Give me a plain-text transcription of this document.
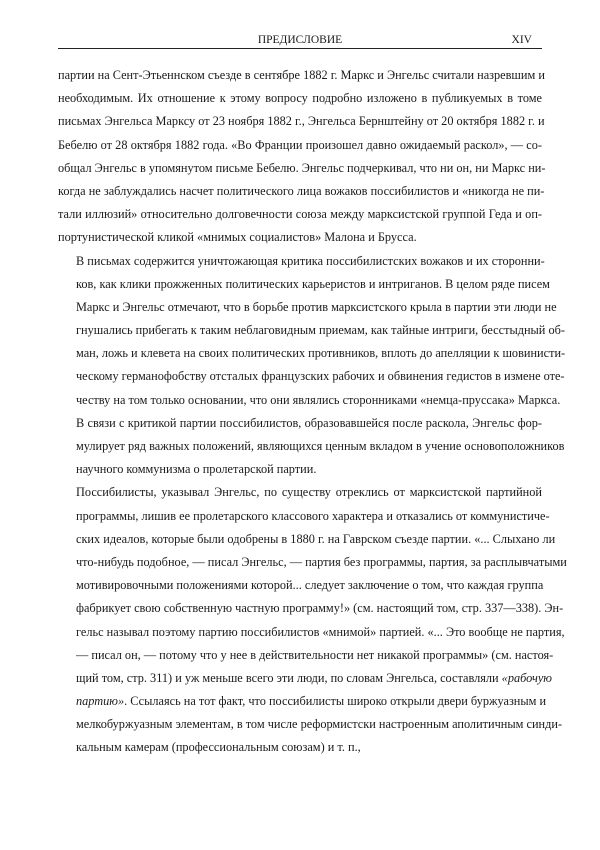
ПРЕДИСЛОВИЕ	XIV

партии на Сент-Этьеннском съезде в сентябре 1882 г. Маркс и Энгельс считали назревшим и
необходимым. Их отношение к этому вопросу подробно изложено в публикуемых в томе
письмах Энгельса Марксу от 23 ноября 1882 г., Энгельса Бернштейну от 20 октября 1882 г. и
Бебелю от 28 октября 1882 года. «Во Франции произошел давно ожидаемый раскол», — со-
общал Энгельс в упомянутом письме Бебелю. Энгельс подчеркивал, что ни он, ни Маркс ни-
когда не заблуждались насчет политического лица вожаков поссибилистов и «никогда не пи-
тали иллюзий» относительно долговечности союза между марксистской группой Геда и оп-
портунистической кликой «мнимых социалистов» Малона и Брусса.

В письмах содержится уничтожающая критика поссибилистских вожаков и их сторонни-
ков, как клики прожженных политических карьеристов и интриганов. В целом ряде писем
Маркс и Энгельс отмечают, что в борьбе против марксистского крыла в партии эти люди не
гнушались прибегать к таким неблаговидным приемам, как тайные интриги, бесстыдный об-
ман, ложь и клевета на своих политических противников, вплоть до апелляции к шовинисти-
ческому германофобству отсталых французских рабочих и обвинения гедистов в измене оте-
честву на том только основании, что они являлись сторонниками «немца-пруссака» Маркса.

В связи с критикой партии поссибилистов, образовавшейся после раскола, Энгельс фор-
мулирует ряд важных положений, являющихся ценным вкладом в учение основоположников
научного коммунизма о пролетарской партии.

Поссибилисты, указывал Энгельс, по существу отреклись от марксистской партийной
программы, лишив ее пролетарского классового характера и отказались от коммунистиче-
ских идеалов, которые были одобрены в 1880 г. на Гаврском съезде партии. «... Слыхано ли
что-нибудь подобное, — писал Энгельс, — партия без программы, партия, за расплывчатыми
мотивировочными положениями которой... следует заключение о том, что каждая группа
фабрикует свою собственную частную программу!» (см. настоящий том, стр. 337—338). Эн-
гельс называл поэтому партию поссибилистов «мнимой» партией. «... Это вообще не партия,
— писал он, — потому что у нее в действительности нет никакой программы» (см. настоя-
щий том, стр. 311) и уж меньше всего эти люди, по словам Энгельса, составляли «рабочую
партию». Ссылаясь на тот факт, что поссибилисты широко открыли двери буржуазным и
мелкобуржуазным элементам, в том числе реформистски настроенным аполитичным синди-
кальным камерам (профессиональным союзам) и т. п.,
